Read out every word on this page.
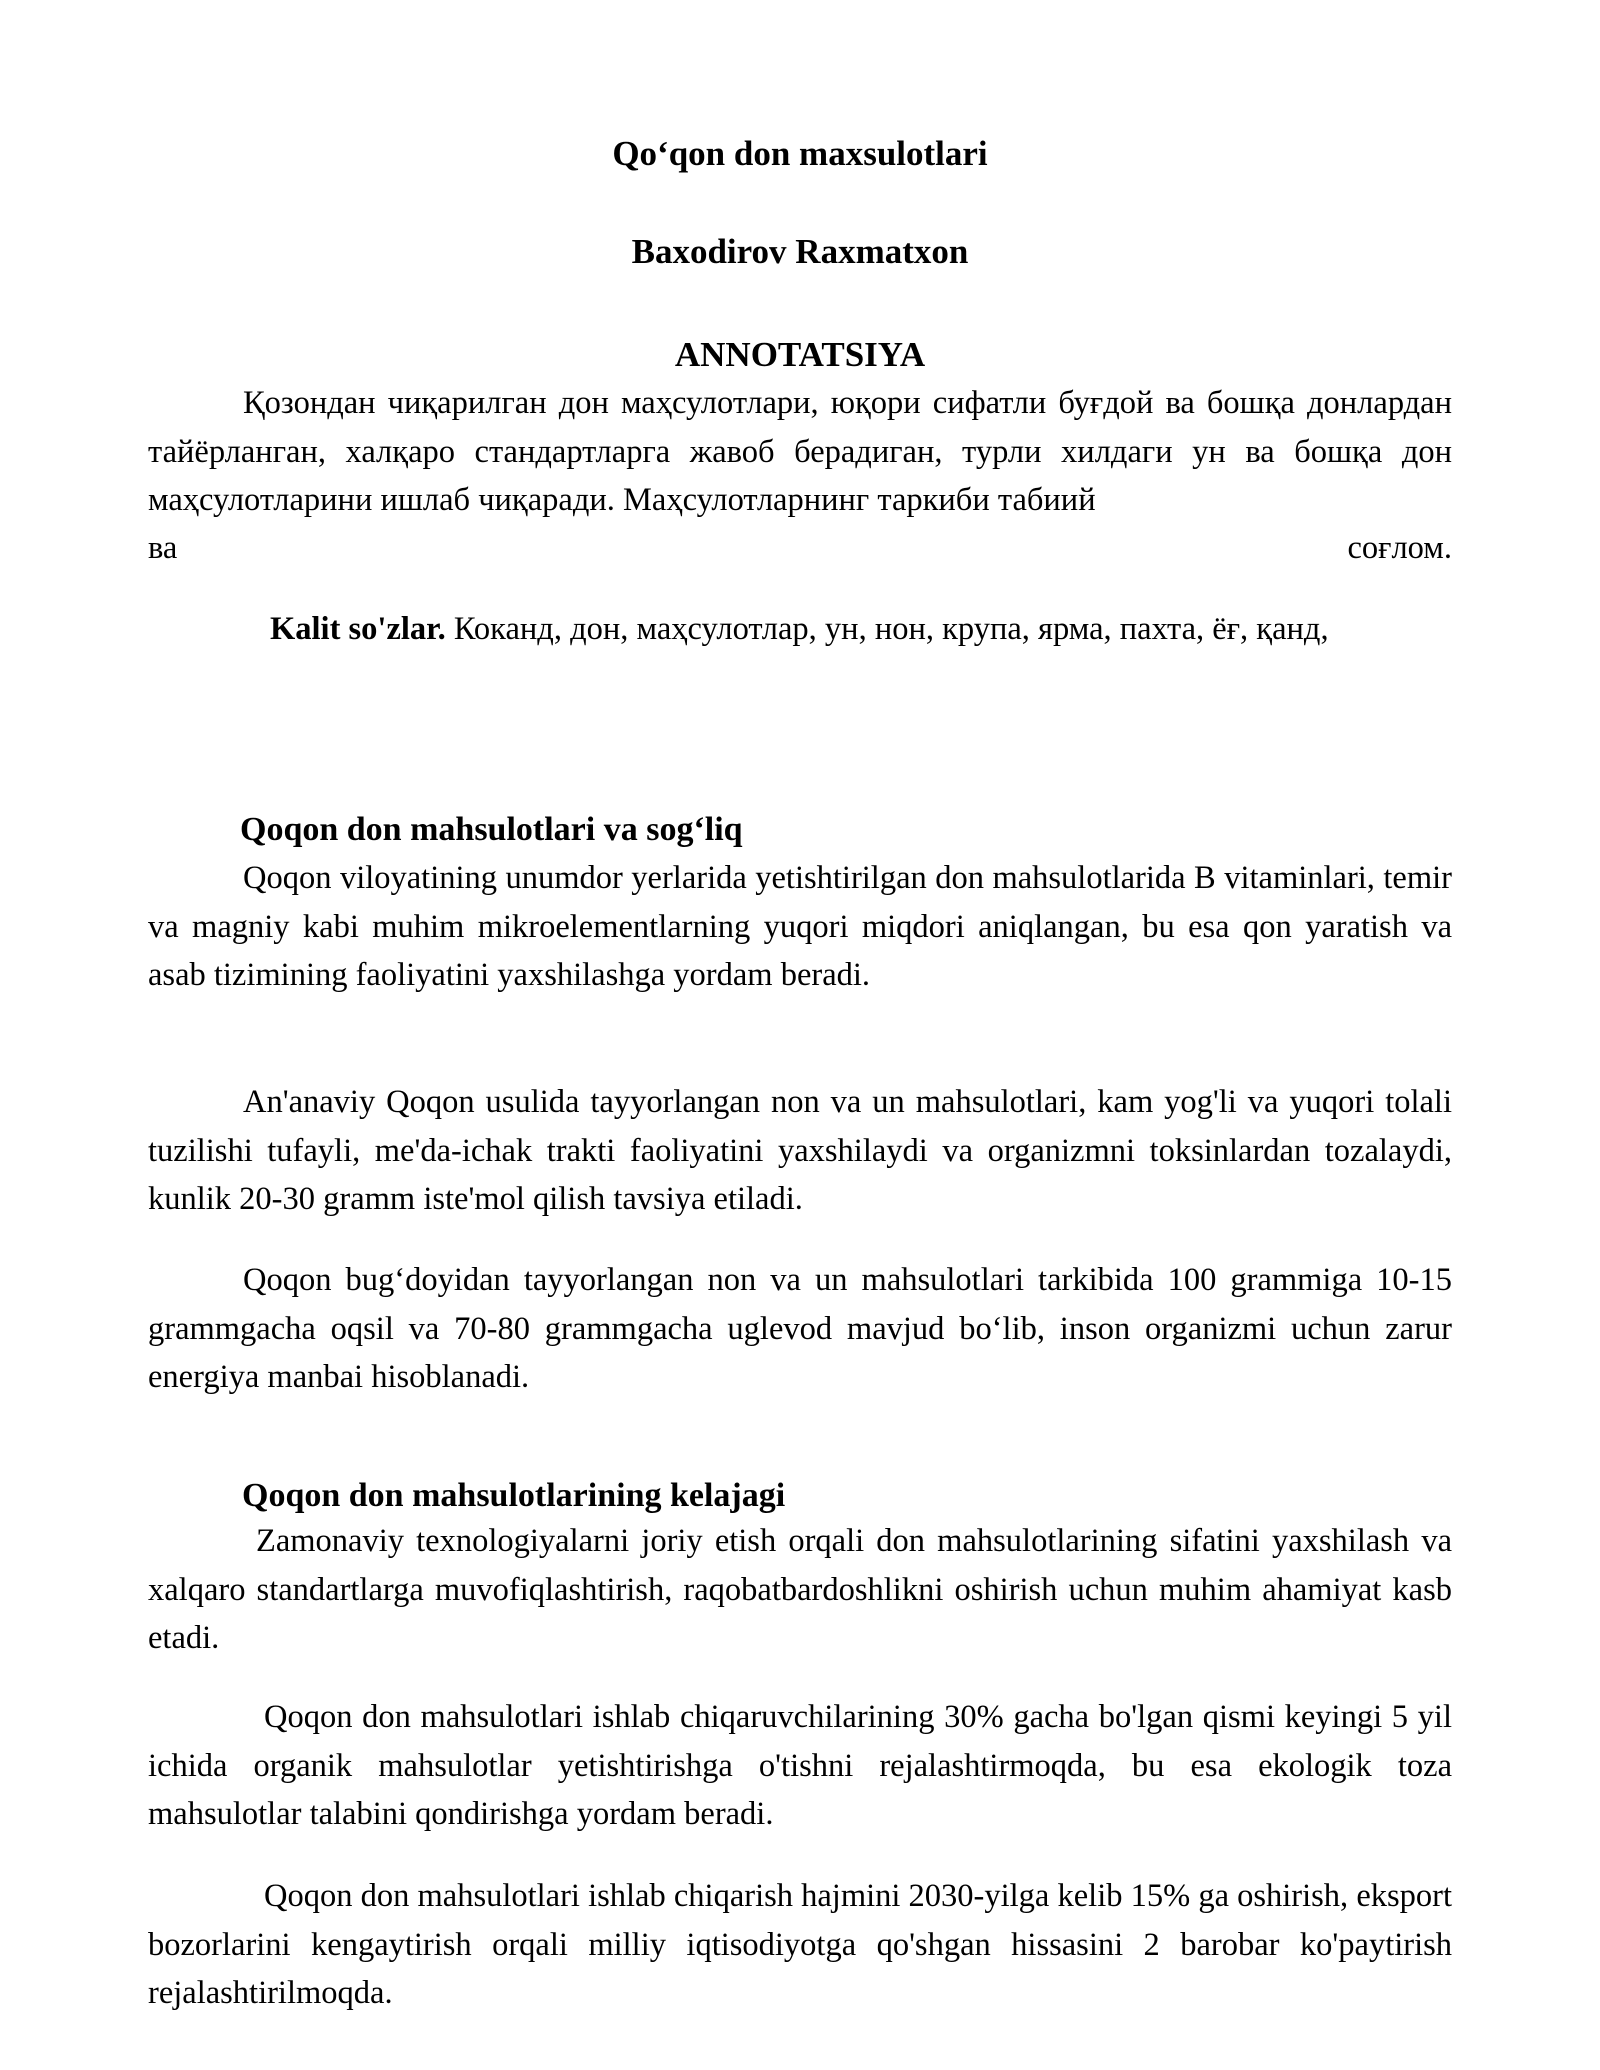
Qo‘qon don maxsulotlari

Baxodirov Raxmatxon

ANNOTATSIYA

Қозондан чиқарилган дон маҳсулотлари, юқори сифатли буғдой ва бошқа донлардан тайёрланган, халқаро стандартларга жавоб берадиган, турли хилдаги ун ва бошқа дон маҳсулотларини ишлаб чиқаради. Маҳсулотларнинг таркиби табиий

ва	соғлом.

Kalit so'zlar. Коканд, дон, маҳсулотлар, ун, нон, крупа, ярма, пахта, ёғ, қанд,

Qoqon don mahsulotlari va sog‘liq

Qoqon viloyatining unumdor yerlarida yetishtirilgan don mahsulotlarida B vitaminlari, temir va magniy kabi muhim mikroelementlarning yuqori miqdori aniqlangan, bu esa qon yaratish va asab tizimining faoliyatini yaxshilashga yordam beradi.

An'anaviy Qoqon usulida tayyorlangan non va un mahsulotlari, kam yog'li va yuqori tolali tuzilishi tufayli, me'da-ichak trakti faoliyatini yaxshilaydi va organizmni toksinlardan tozalaydi, kunlik 20-30 gramm iste'mol qilish tavsiya etiladi.

Qoqon bug‘doyidan tayyorlangan non va un mahsulotlari tarkibida 100 grammiga 10-15 grammgacha oqsil va 70-80 grammgacha uglevod mavjud bo‘lib, inson organizmi uchun zarur energiya manbai hisoblanadi.

Qoqon don mahsulotlarining kelajagi

Zamonaviy texnologiyalarni joriy etish orqali don mahsulotlarining sifatini yaxshilash va xalqaro standartlarga muvofiqlashtirish, raqobatbardoshlikni oshirish uchun muhim ahamiyat kasb etadi.

Qoqon don mahsulotlari ishlab chiqaruvchilarining 30% gacha bo'lgan qismi keyingi 5 yil ichida organik mahsulotlar yetishtirishga o'tishni rejalashtirmoqda, bu esa ekologik toza mahsulotlar talabini qondirishga yordam beradi.

Qoqon don mahsulotlari ishlab chiqarish hajmini 2030-yilga kelib 15% ga oshirish, eksport bozorlarini kengaytirish orqali milliy iqtisodiyotga qo'shgan hissasini 2 barobar ko'paytirish rejalashtirilmoqda.
